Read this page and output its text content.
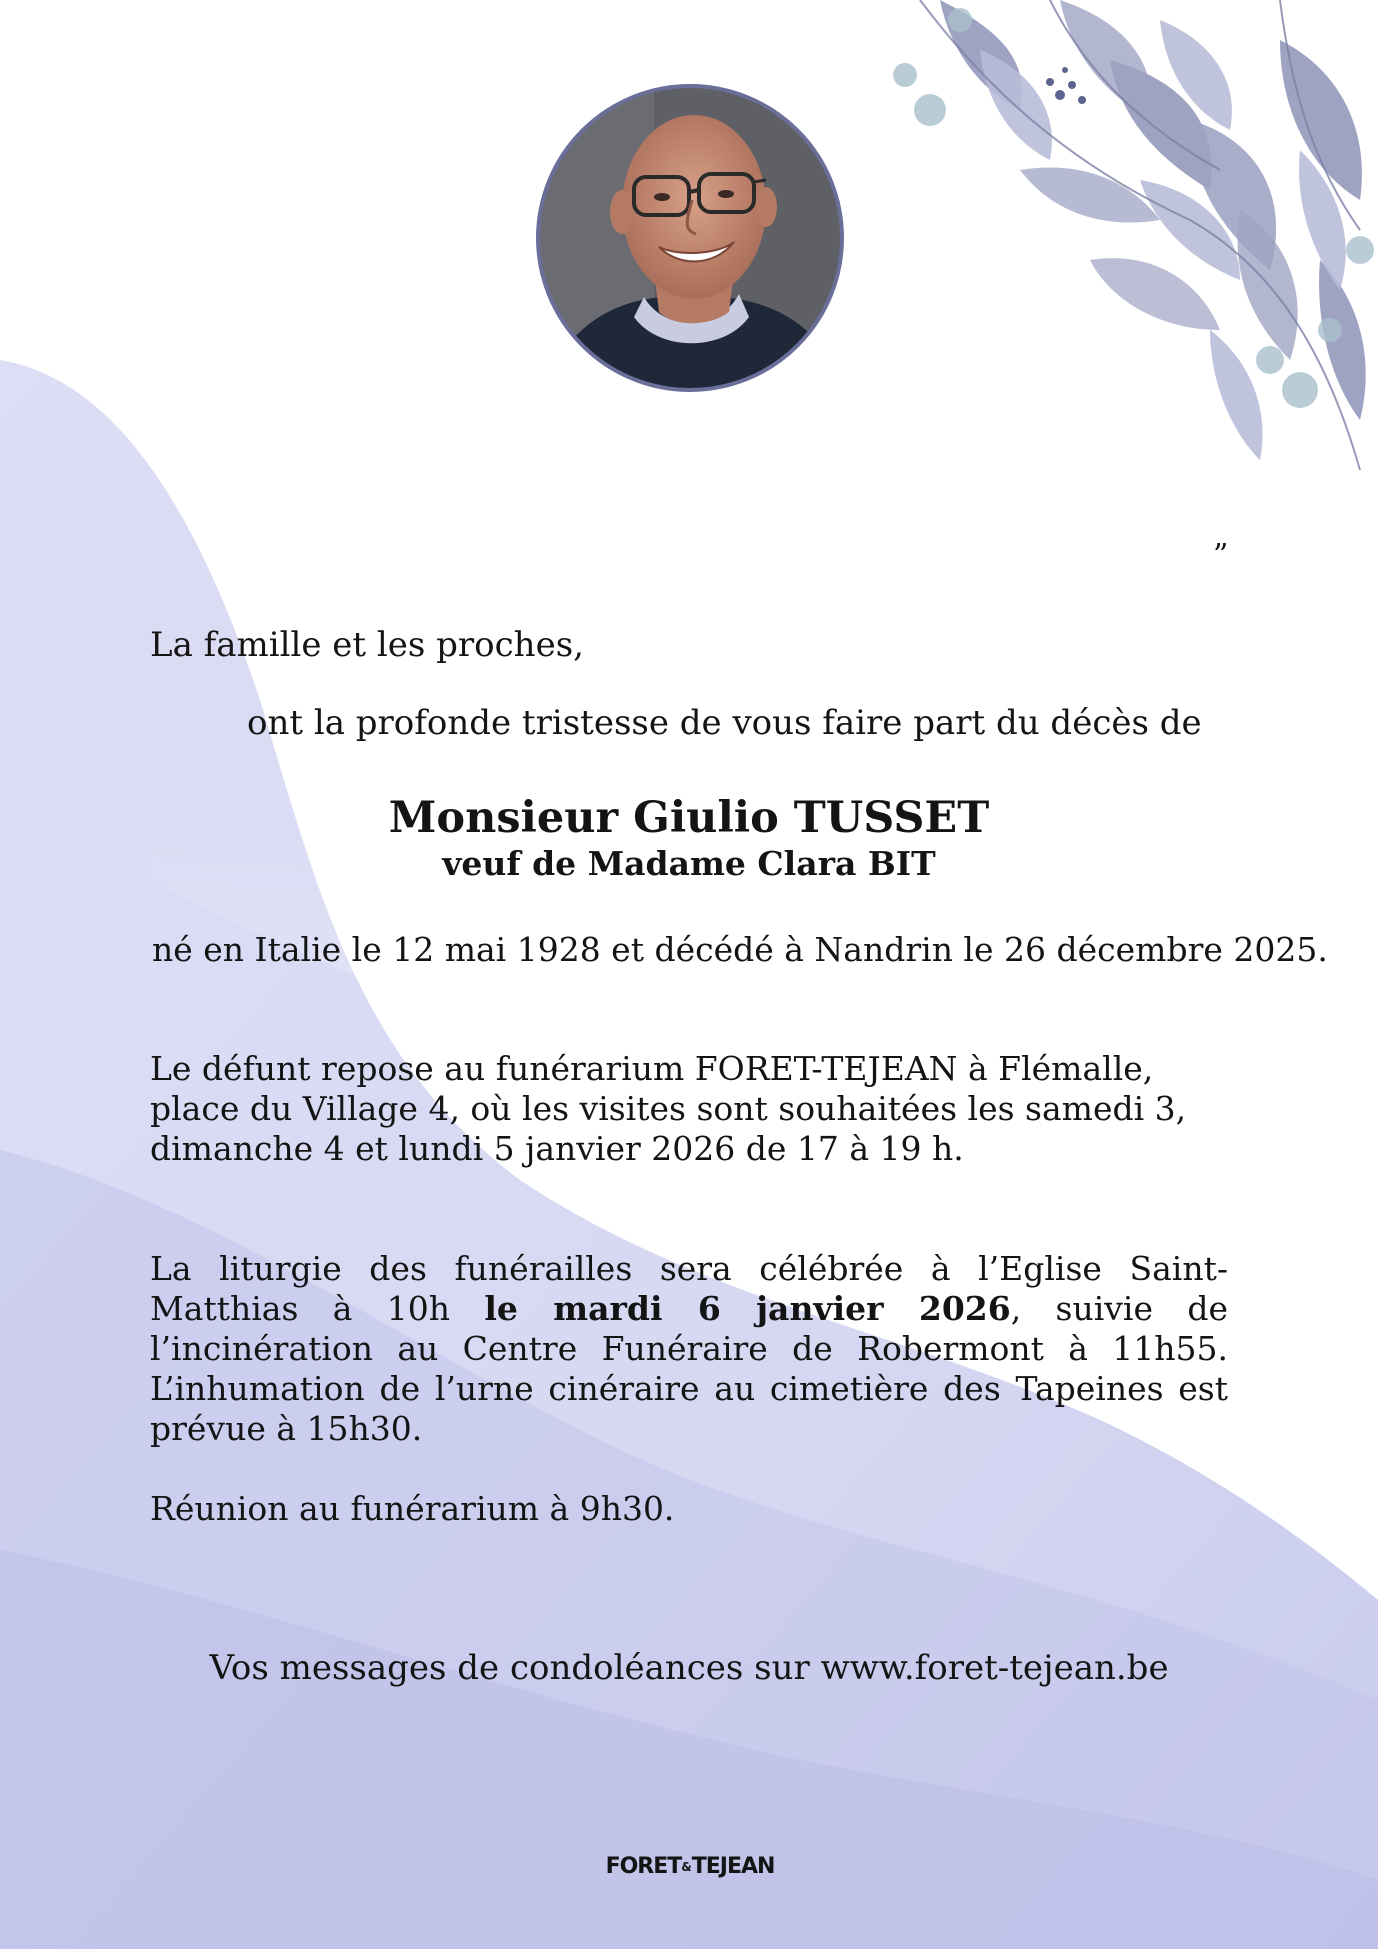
”

La famille et les proches,

ont la profonde tristesse de vous faire part du décès de

Monsieur Giulio TUSSET
veuf de Madame Clara BIT

né en Italie le 12 mai 1928 et décédé à Nandrin le 26 décembre 2025.

Le défunt repose au funérarium FORET-TEJEAN à Flémalle,
place du Village 4, où les visites sont souhaitées les samedi 3,
dimanche 4 et lundi 5 janvier 2026 de 17 à 19 h.

La liturgie des funérailles sera célébrée à l’Eglise Saint-Matthias à 10h le mardi 6 janvier 2026, suivie de l’incinération au Centre Funéraire de Robermont à 11h55. L’inhumation de l’urne cinéraire au cimetière des Tapeines est prévue à 15h30.

Réunion au funérarium à 9h30.

Vos messages de condoléances sur www.foret-tejean.be

FORET&TEJEAN
